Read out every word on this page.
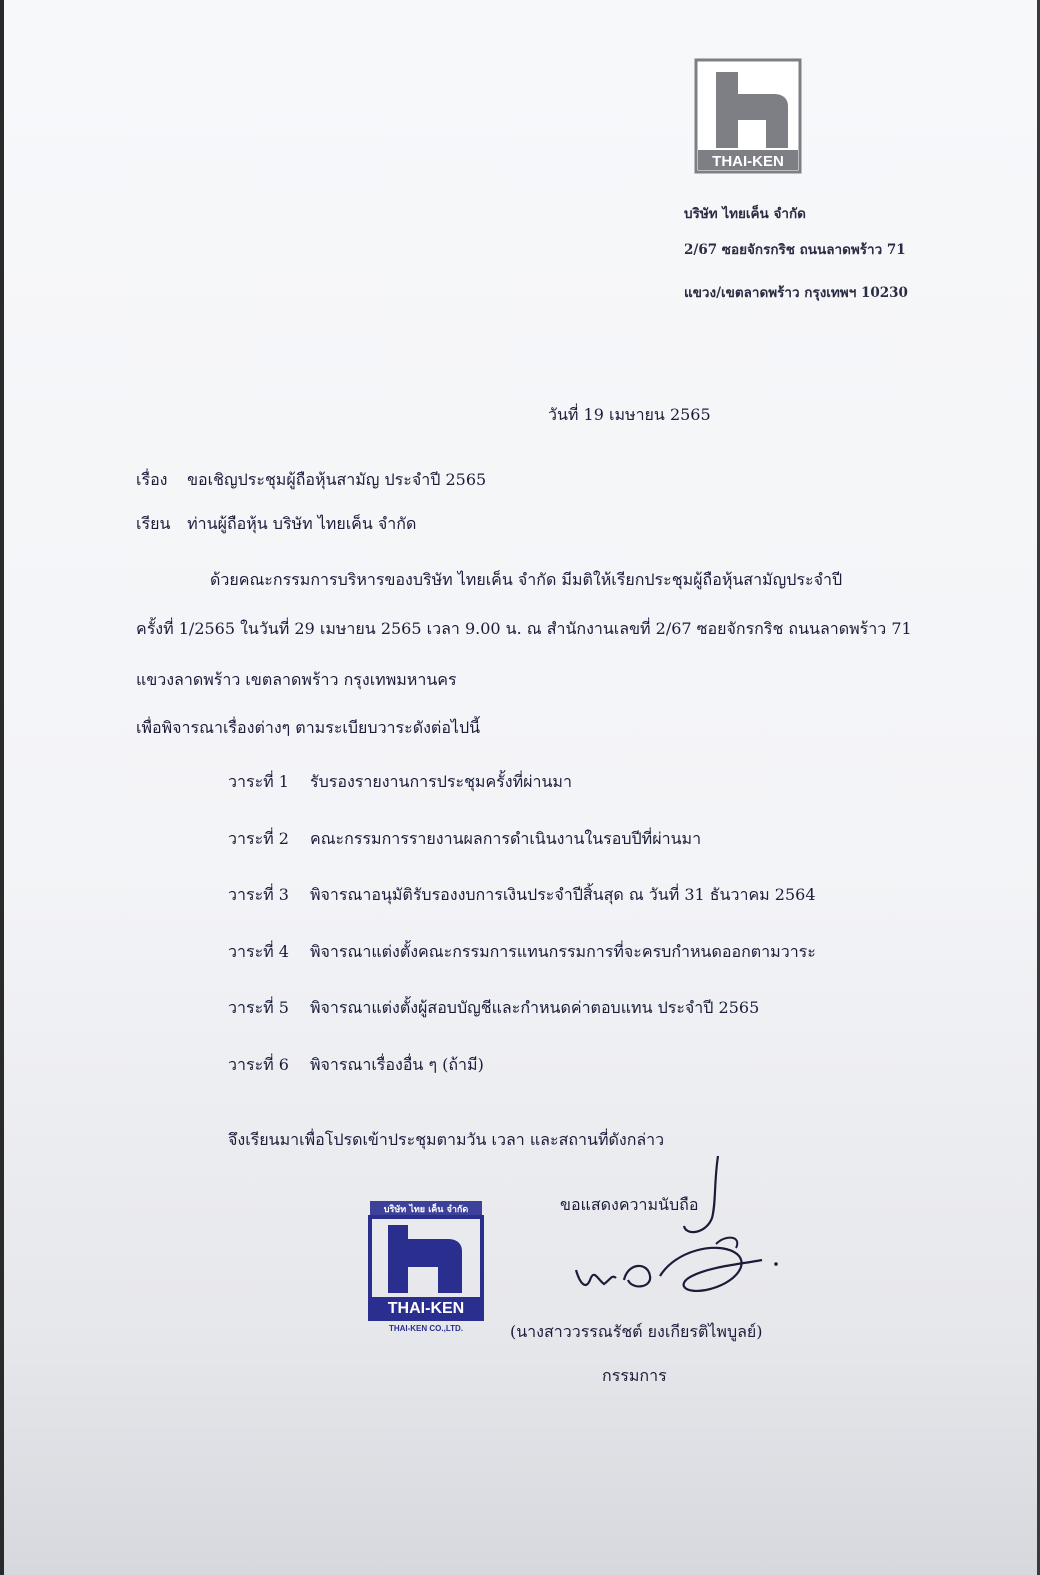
THAI-KEN
บริษัท ไทยเค็น จำกัด
2/67 ซอยจักรกริช ถนนลาดพร้าว 71
แขวง/เขตลาดพร้าว กรุงเทพฯ 10230
วันที่ 19 เมษายน 2565
เรื่อง ขอเชิญประชุมผู้ถือหุ้นสามัญ ประจำปี 2565
เรียน ท่านผู้ถือหุ้น บริษัท ไทยเค็น จำกัด
ด้วยคณะกรรมการบริหารของบริษัท ไทยเค็น จำกัด มีมติให้เรียกประชุมผู้ถือหุ้นสามัญประจำปี
ครั้งที่ 1/2565 ในวันที่ 29 เมษายน 2565 เวลา 9.00 น. ณ สำนักงานเลขที่ 2/67 ซอยจักรกริช ถนนลาดพร้าว 71
แขวงลาดพร้าว เขตลาดพร้าว กรุงเทพมหานคร
เพื่อพิจารณาเรื่องต่างๆ ตามระเบียบวาระดังต่อไปนี้
วาระที่ 1 รับรองรายงานการประชุมครั้งที่ผ่านมา
วาระที่ 2 คณะกรรมการรายงานผลการดำเนินงานในรอบปีที่ผ่านมา
วาระที่ 3 พิจารณาอนุมัติรับรองงบการเงินประจำปีสิ้นสุด ณ วันที่ 31 ธันวาคม 2564
วาระที่ 4 พิจารณาแต่งตั้งคณะกรรมการแทนกรรมการที่จะครบกำหนดออกตามวาระ
วาระที่ 5 พิจารณาแต่งตั้งผู้สอบบัญชีและกำหนดค่าตอบแทน ประจำปี 2565
วาระที่ 6 พิจารณาเรื่องอื่น ๆ (ถ้ามี)
จึงเรียนมาเพื่อโปรดเข้าประชุมตามวัน เวลา และสถานที่ดังกล่าว
ขอแสดงความนับถือ
บริษัท ไทย เค็น จำกัด
THAI-KEN
THAI-KEN CO.,LTD.	(นางสาววรรณรัชต์ ยงเกียรติไพบูลย์)
กรรมการ
